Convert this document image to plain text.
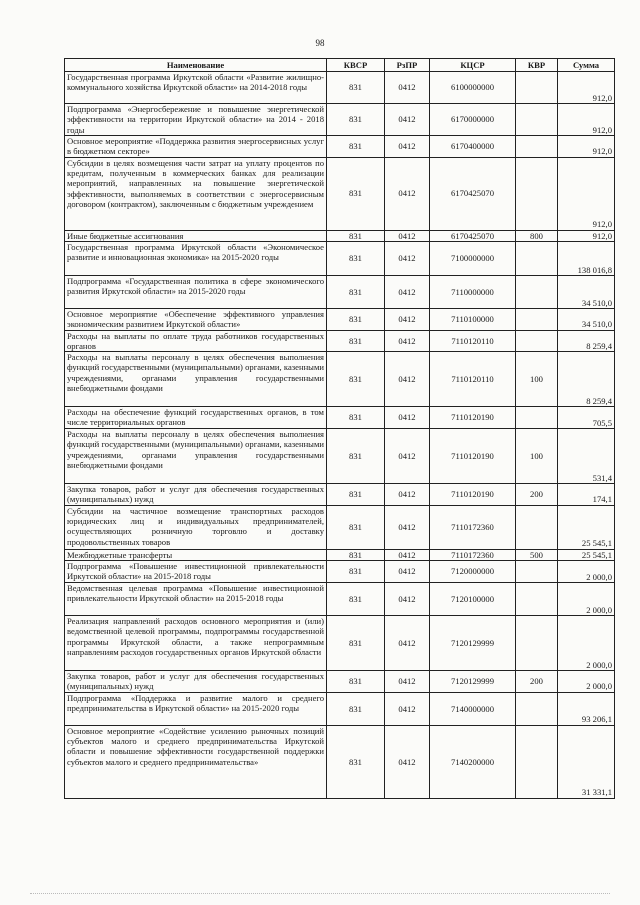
98
Наименование	КВСР	РзПР	КЦСР	КВР	Сумма
Государственная программа Иркутской области «Развитие жилищно-коммунального хозяйства Иркутской области» на 2014-2018 годы	831	0412	6100000000		912,0
Подпрограмма «Энергосбережение и повышение энергетической эффективности на территории Иркутской области» на 2014 - 2018 годы	831	0412	6170000000		912,0
Основное мероприятие «Поддержка развития энергосервисных услуг в бюджетном секторе»	831	0412	6170400000		912,0
Субсидии в целях возмещения части затрат на уплату процентов по кредитам, полученным в коммерческих банках для реализации мероприятий, направленных на повышение энергетической эффективности, выполняемых в соответствии с энергосервисным договором (контрактом), заключенным с бюджетным учреждением	831	0412	6170425070		912,0
Иные бюджетные ассигнования	831	0412	6170425070	800	912,0
Государственная программа Иркутской области «Экономическое развитие и инновационная экономика» на 2015-2020 годы	831	0412	7100000000		138 016,8
Подпрограмма «Государственная политика в сфере экономического развития Иркутской области» на 2015-2020 годы	831	0412	7110000000		34 510,0
Основное мероприятие «Обеспечение эффективного управления экономическим развитием Иркутской области»	831	0412	7110100000		34 510,0
Расходы на выплаты по оплате труда работников государственных органов	831	0412	7110120110		8 259,4
Расходы на выплаты персоналу в целях обеспечения выполнения функций государственными (муниципальными) органами, казенными учреждениями, органами управления государственными внебюджетными фондами	831	0412	7110120110	100	8 259,4
Расходы на обеспечение функций государственных органов, в том числе территориальных органов	831	0412	7110120190		705,5
Расходы на выплаты персоналу в целях обеспечения выполнения функций государственными (муниципальными) органами, казенными учреждениями, органами управления государственными внебюджетными фондами	831	0412	7110120190	100	531,4
Закупка товаров, работ и услуг для обеспечения государственных (муниципальных) нужд	831	0412	7110120190	200	174,1
Субсидии на частичное возмещение транспортных расходов юридических лиц и индивидуальных предпринимателей, осуществляющих розничную торговлю и доставку продовольственных товаров	831	0412	7110172360		25 545,1
Межбюджетные трансферты	831	0412	7110172360	500	25 545,1
Подпрограмма «Повышение инвестиционной привлекательности Иркутской области» на 2015-2018 годы	831	0412	7120000000		2 000,0
Ведомственная целевая программа «Повышение инвестиционной привлекательности Иркутской области» на 2015-2018 годы	831	0412	7120100000		2 000,0
Реализация направлений расходов основного мероприятия и (или) ведомственной целевой программы, подпрограммы государственной программы Иркутской области, а также непрограммным направлениям расходов государственных органов Иркутской области	831	0412	7120129999		2 000,0
Закупка товаров, работ и услуг для обеспечения государственных (муниципальных) нужд	831	0412	7120129999	200	2 000,0
Подпрограмма «Поддержка и развитие малого и среднего предпринимательства в Иркутской области» на 2015-2020 годы	831	0412	7140000000		93 206,1
Основное мероприятие «Содействие усилению рыночных позиций субъектов малого и среднего предпринимательства Иркутской области и повышение эффективности государственной поддержки субъектов малого и среднего предпринимательства»	831	0412	7140200000		31 331,1
